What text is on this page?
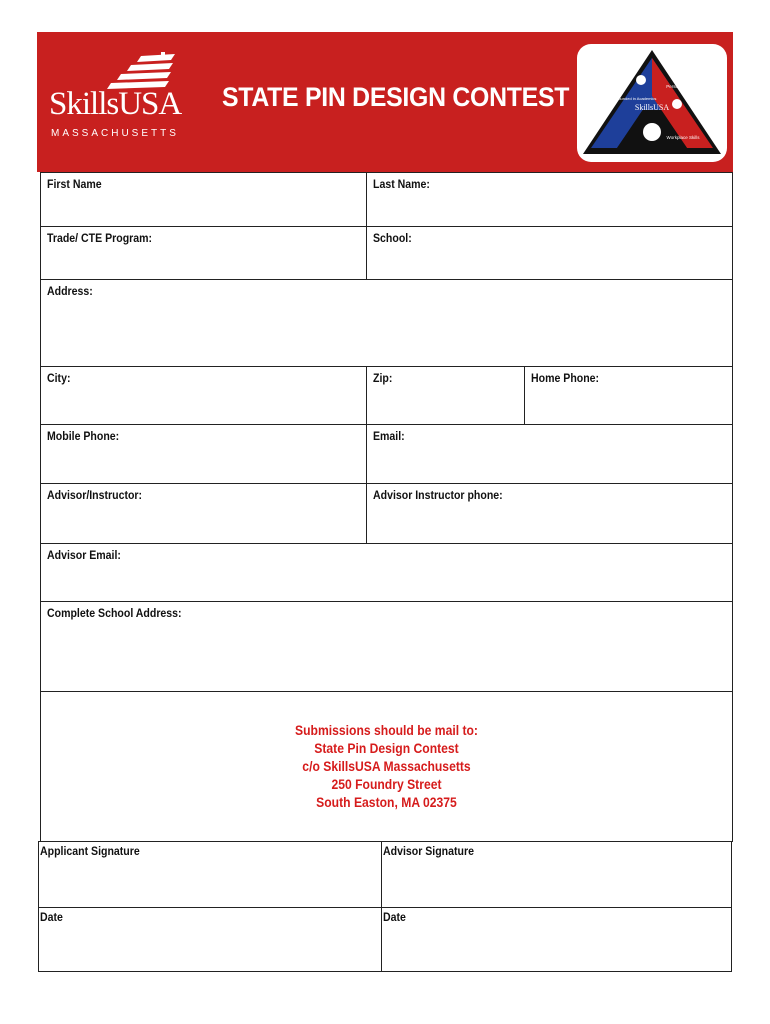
SkillsUSA
MASSACHUSETTS
STATE PIN DESIGN CONTEST	SkillsUSA
Technical Skills Grounded in Academics
Personal Skills
Workplace Skills
First Name	Last Name:
Trade/ CTE Program:	School:
Address:
City:	Zip:	Home Phone:
Mobile Phone:	Email:
Advisor/Instructor:	Advisor Instructor phone:
Advisor Email:
Complete School Address:
Submissions should be mail to:
State Pin Design Contest
c/o SkillsUSA Massachusetts
250 Foundry Street
South Easton, MA 02375
Applicant Signature	Advisor Signature
Date	Date
